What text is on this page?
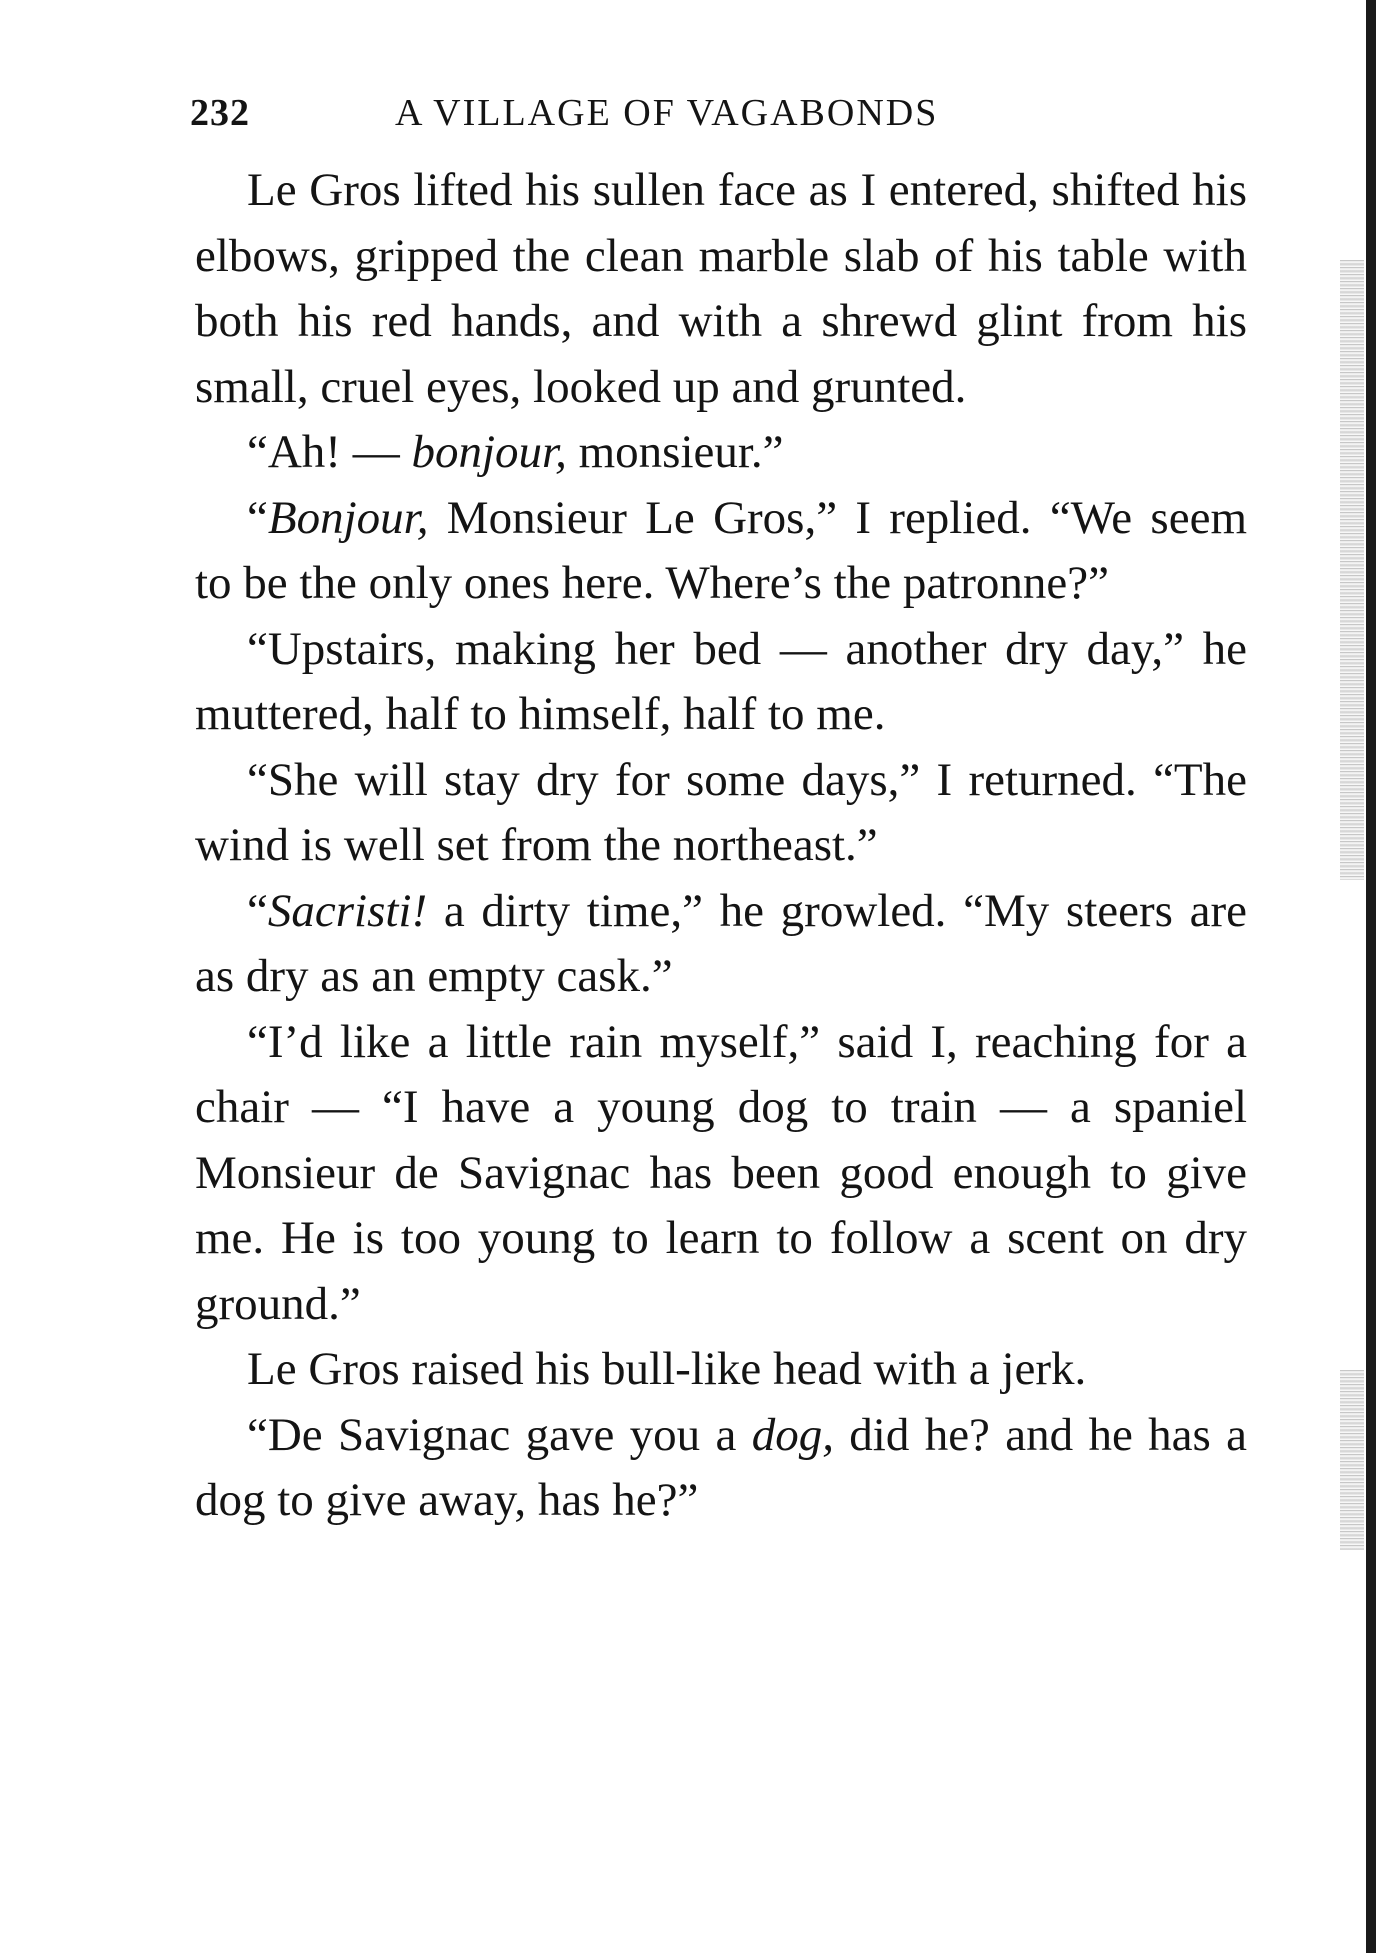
232	A VILLAGE OF VAGABONDS

Le Gros lifted his sullen face as I entered, shifted his elbows, gripped the clean marble slab of his table with both his red hands, and with a shrewd glint from his small, cruel eyes, looked up and grunted.

“Ah! — bonjour, monsieur.”

“Bonjour, Monsieur Le Gros,” I replied. “We seem to be the only ones here. Where’s the patronne?”

“Upstairs, making her bed — another dry day,” he muttered, half to himself, half to me.

“She will stay dry for some days,” I returned. “The wind is well set from the northeast.”

“Sacristi! a dirty time,” he growled. “My steers are as dry as an empty cask.”

“I’d like a little rain myself,” said I, reaching for a chair — “I have a young dog to train — a spaniel Monsieur de Savignac has been good enough to give me. He is too young to learn to follow a scent on dry ground.”

Le Gros raised his bull-like head with a jerk.

“De Savignac gave you a dog, did he? and he has a dog to give away, has he?”
